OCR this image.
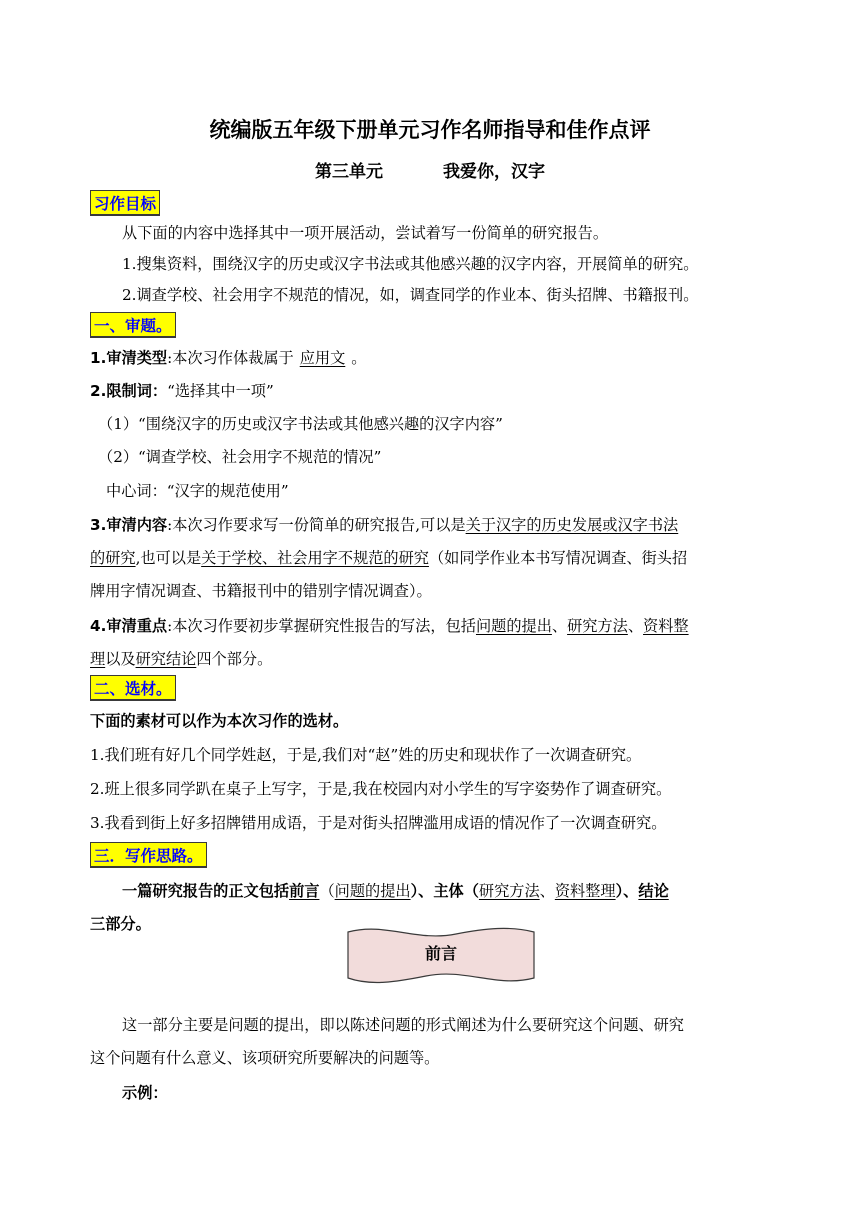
统编版五年级下册单元习作名师指导和佳作点评
第三单元	我爱你，汉字
习作目标
从下面的内容中选择其中一项开展活动，尝试着写一份简单的研究报告。
1.搜集资料，围绕汉字的历史或汉字书法或其他感兴趣的汉字内容，开展简单的研究。
2.调查学校、社会用字不规范的情况，如，调查同学的作业本、街头招牌、书籍报刊。
一、审题。
1.审清类型:本次习作体裁属于 应用文 。
2.限制词：“选择其中一项”
（1）“围绕汉字的历史或汉字书法或其他感兴趣的汉字内容”
（2）“调查学校、社会用字不规范的情况”
中心词：“汉字的规范使用”
3.审清内容:本次习作要求写一份简单的研究报告,可以是关于汉字的历史发展或汉字书法
的研究,也可以是关于学校、社会用字不规范的研究（如同学作业本书写情况调查、街头招
牌用字情况调查、书籍报刊中的错别字情况调查）。
4.审清重点:本次习作要初步掌握研究性报告的写法，包括问题的提出、研究方法、资料整
理以及研究结论四个部分。
二、选材。
下面的素材可以作为本次习作的选材。
1.我们班有好几个同学姓赵，于是,我们对“赵”姓的历史和现状作了一次调查研究。
2.班上很多同学趴在桌子上写字，于是,我在校园内对小学生的写字姿势作了调查研究。
3.我看到街上好多招牌错用成语，于是对街头招牌滥用成语的情况作了一次调查研究。
三．写作思路。
一篇研究报告的正文包括前言（问题的提出）、主体（研究方法、资料整理）、结论
三部分。
前言
这一部分主要是问题的提出，即以陈述问题的形式阐述为什么要研究这个问题、研究
这个问题有什么意义、该项研究所要解决的问题等。
示例：
